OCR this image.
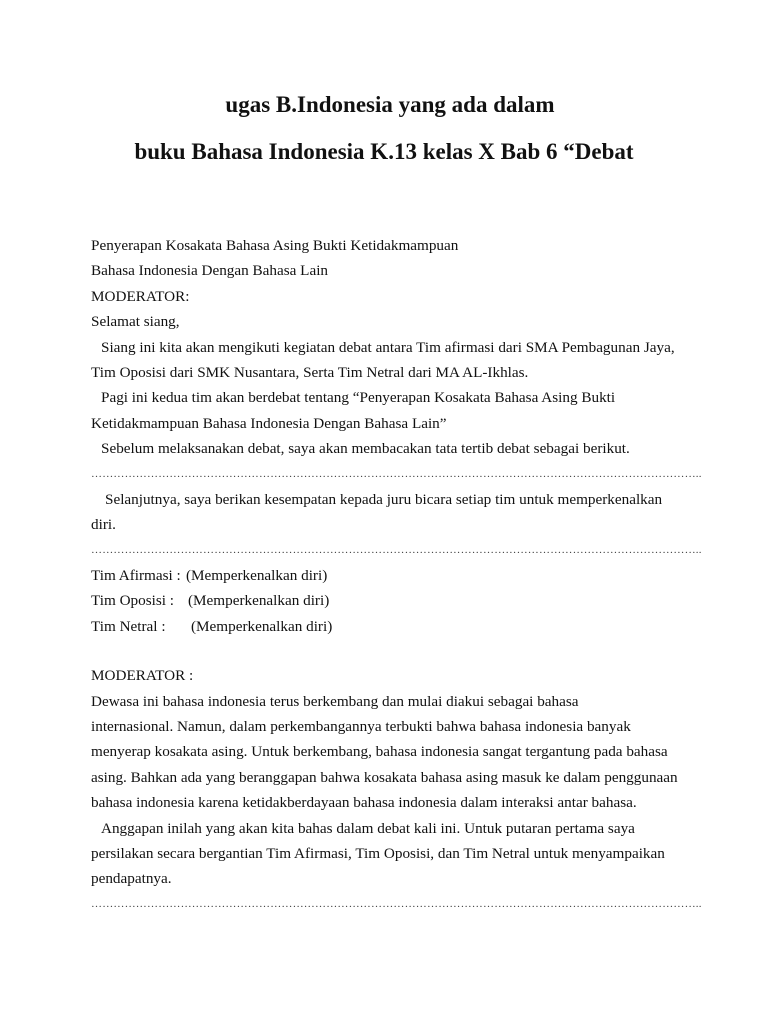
ugas B.Indonesia yang ada dalam
buku Bahasa Indonesia K.13 kelas X Bab 6 “Debat

Penyerapan Kosakata Bahasa Asing Bukti Ketidakmampuan

Bahasa Indonesia Dengan Bahasa Lain

MODERATOR:

Selamat siang,

Siang ini kita akan mengikuti kegiatan debat antara Tim afirmasi dari SMA Pembagunan Jaya,

Tim Oposisi dari SMK Nusantara, Serta Tim Netral dari MA AL-Ikhlas.

Pagi ini kedua tim akan berdebat tentang “Penyerapan Kosakata Bahasa Asing Bukti

Ketidakmampuan Bahasa Indonesia Dengan Bahasa Lain”

Sebelum melaksanakan debat, saya akan membacakan tata tertib debat sebagai berikut.

………………………………………………………………………………………………………………………………………………..

Selanjutnya, saya berikan kesempatan kepada juru bicara setiap tim untuk memperkenalkan

diri.

………………………………………………………………………………………………………………………………………………..

Tim Afirmasi : (Memperkenalkan diri)

Tim Oposisi : (Memperkenalkan diri)

Tim Netral : (Memperkenalkan diri)

MODERATOR :

Dewasa ini bahasa indonesia terus berkembang dan mulai diakui sebagai bahasa

internasional. Namun, dalam perkembangannya terbukti bahwa bahasa indonesia banyak

menyerap kosakata asing. Untuk berkembang, bahasa indonesia sangat tergantung pada bahasa

asing. Bahkan ada yang beranggapan bahwa kosakata bahasa asing masuk ke dalam penggunaan

bahasa indonesia karena ketidakberdayaan bahasa indonesia dalam interaksi antar bahasa.

Anggapan inilah yang akan kita bahas dalam debat kali ini. Untuk putaran pertama saya

persilakan secara bergantian Tim Afirmasi, Tim Oposisi, dan Tim Netral untuk menyampaikan

pendapatnya.

………………………………………………………………………………………………………………………………………………..
